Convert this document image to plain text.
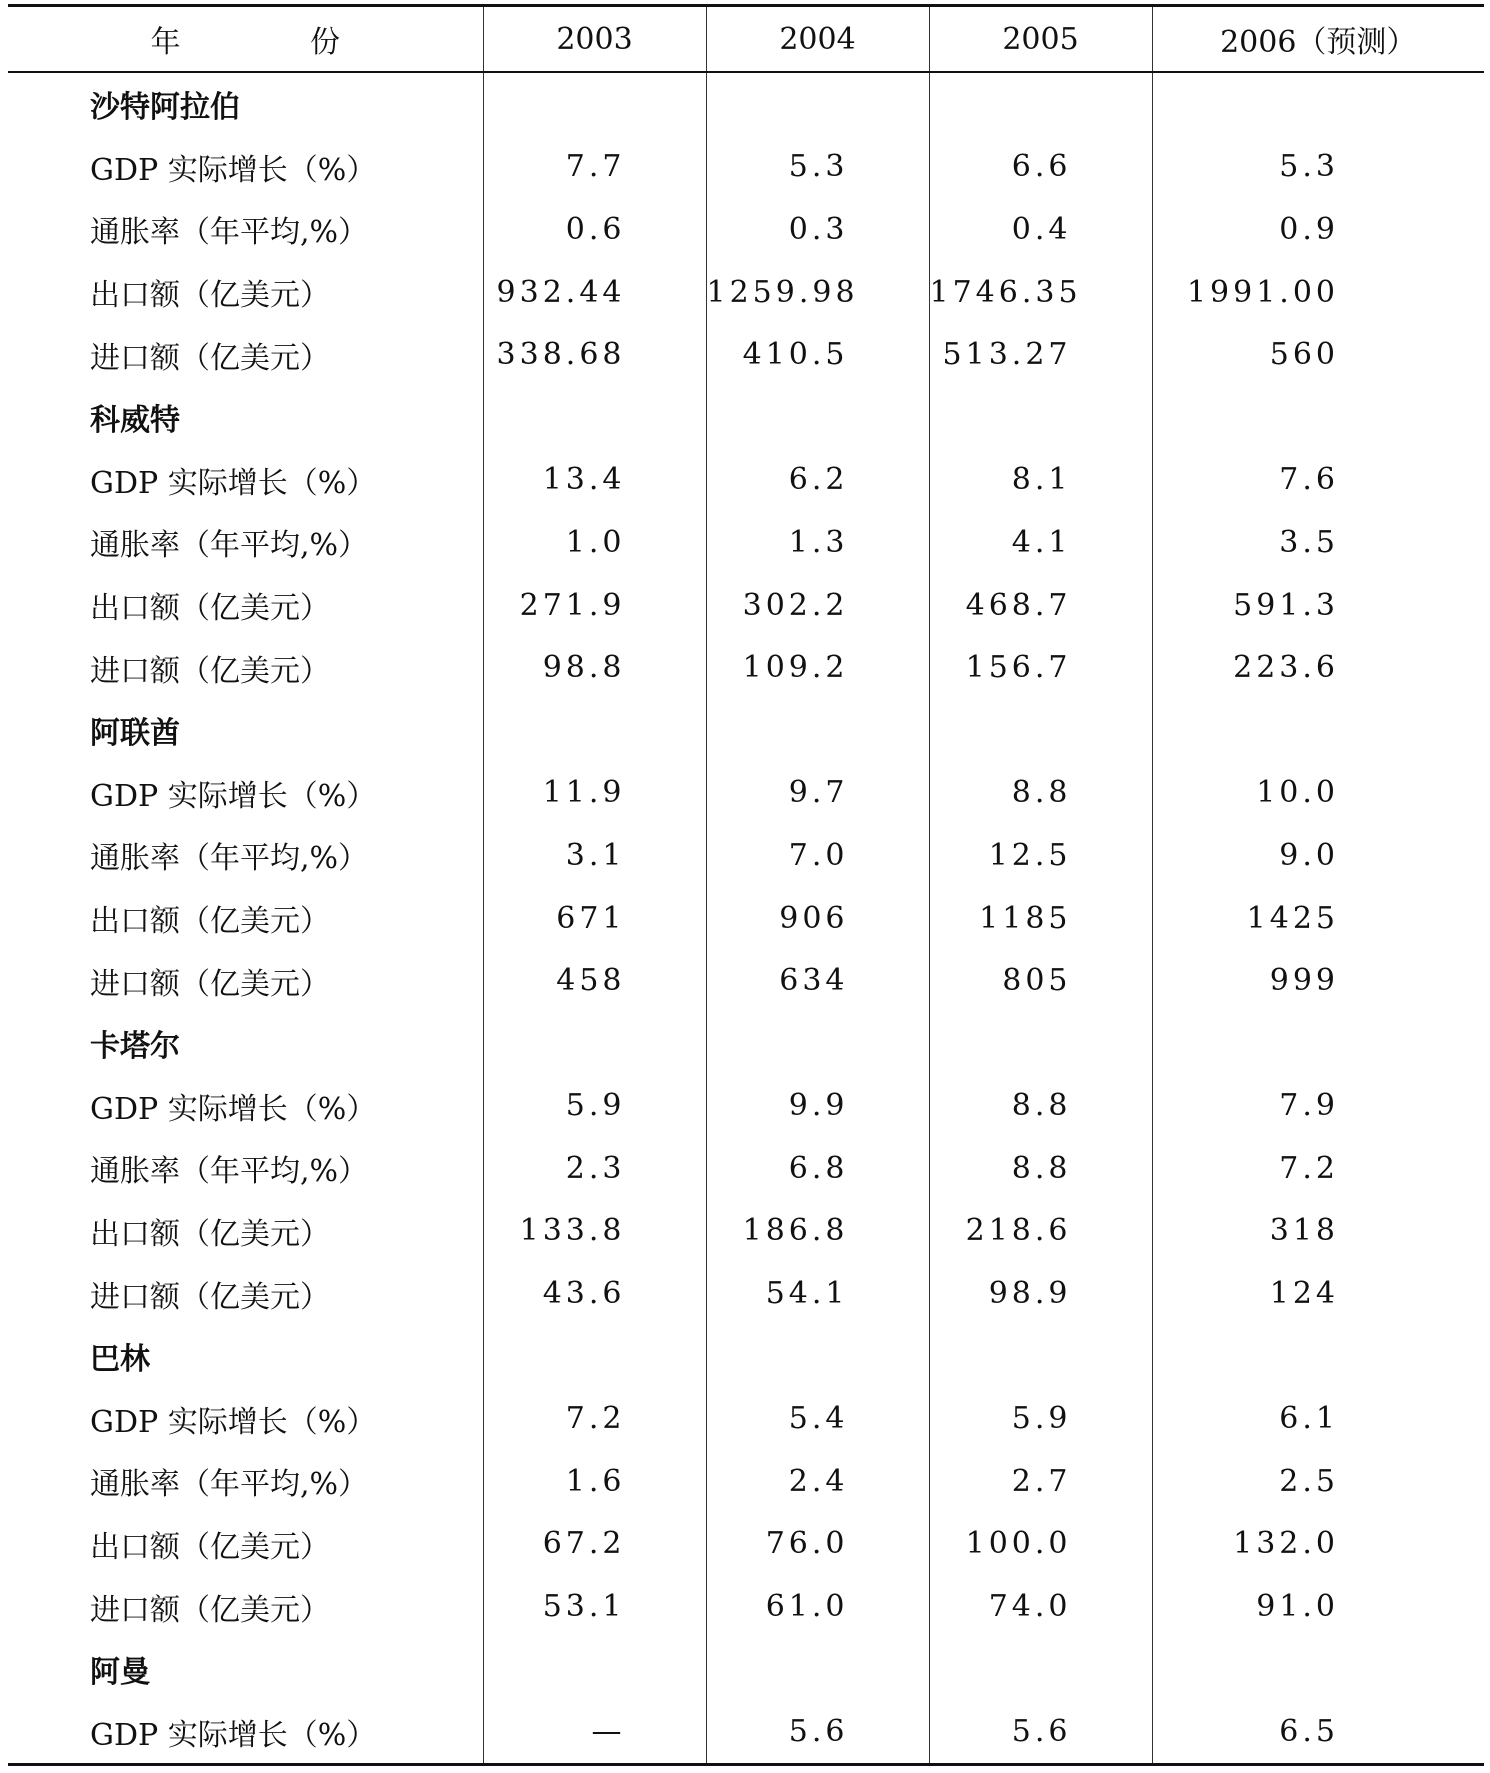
年 份	2003	2004	2005	2006（预测）
沙特阿拉伯				
GDP 实际增长（%）	7.7	5.3	6.6	5.3
通胀率（年平均,%）	0.6	0.3	0.4	0.9
出口额（亿美元）	932.44	1259.98	1746.35	1991.00
进口额（亿美元）	338.68	410.5	513.27	560
科威特				
GDP 实际增长（%）	13.4	6.2	8.1	7.6
通胀率（年平均,%）	1.0	1.3	4.1	3.5
出口额（亿美元）	271.9	302.2	468.7	591.3
进口额（亿美元）	98.8	109.2	156.7	223.6
阿联酋				
GDP 实际增长（%）	11.9	9.7	8.8	10.0
通胀率（年平均,%）	3.1	7.0	12.5	9.0
出口额（亿美元）	671	906	1185	1425
进口额（亿美元）	458	634	805	999
卡塔尔				
GDP 实际增长（%）	5.9	9.9	8.8	7.9
通胀率（年平均,%）	2.3	6.8	8.8	7.2
出口额（亿美元）	133.8	186.8	218.6	318
进口额（亿美元）	43.6	54.1	98.9	124
巴林				
GDP 实际增长（%）	7.2	5.4	5.9	6.1
通胀率（年平均,%）	1.6	2.4	2.7	2.5
出口额（亿美元）	67.2	76.0	100.0	132.0
进口额（亿美元）	53.1	61.0	74.0	91.0
阿曼				
GDP 实际增长（%）	—	5.6	5.6	6.5
